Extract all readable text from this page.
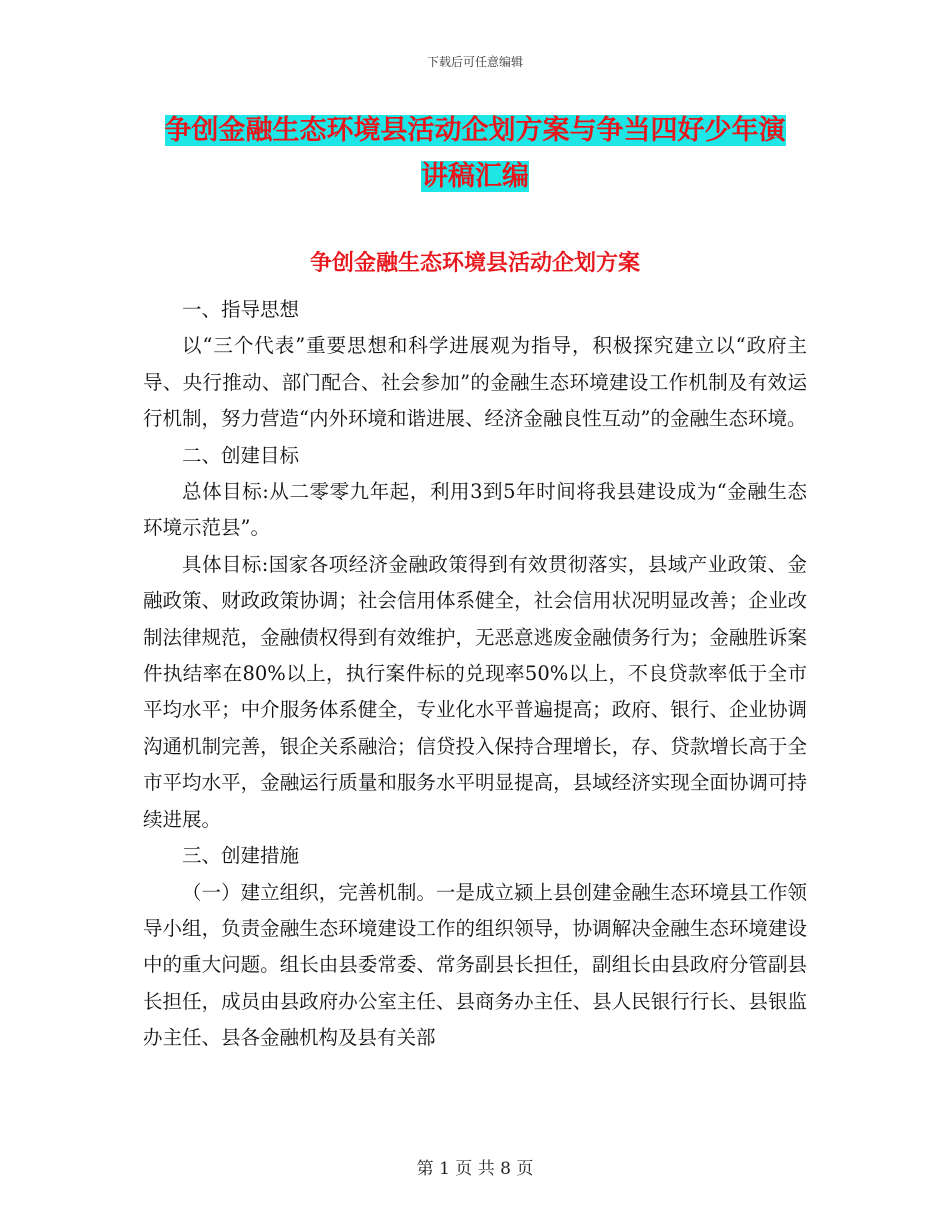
下载后可任意编辑
争创金融生态环境县活动企划方案与争当四好少年演
讲稿汇编
争创金融生态环境县活动企划方案

一、指导思想

以“三个代表”重要思想和科学进展观为指导，积极探究建立以“政府主导、央行推动、部门配合、社会参加”的金融生态环境建设工作机制及有效运行机制，努力营造“内外环境和谐进展、经济金融良性互动”的金融生态环境。

二、创建目标

总体目标:从二零零九年起，利用3到5年时间将我县建设成为“金融生态环境示范县”。

具体目标:国家各项经济金融政策得到有效贯彻落实，县域产业政策、金融政策、财政政策协调；社会信用体系健全，社会信用状况明显改善；企业改制法律规范，金融债权得到有效维护，无恶意逃废金融债务行为；金融胜诉案件执结率在80%以上，执行案件标的兑现率50%以上，不良贷款率低于全市平均水平；中介服务体系健全，专业化水平普遍提高；政府、银行、企业协调沟通机制完善，银企关系融洽；信贷投入保持合理增长，存、贷款增长高于全市平均水平，金融运行质量和服务水平明显提高，县域经济实现全面协调可持续进展。

三、创建措施

（一）建立组织，完善机制。一是成立颍上县创建金融生态环境县工作领导小组，负责金融生态环境建设工作的组织领导，协调解决金融生态环境建设中的重大问题。组长由县委常委、常务副县长担任，副组长由县政府分管副县长担任，成员由县政府办公室主任、县商务办主任、县人民银行行长、县银监办主任、县各金融机构及县有关部

第 1 页 共 8 页
